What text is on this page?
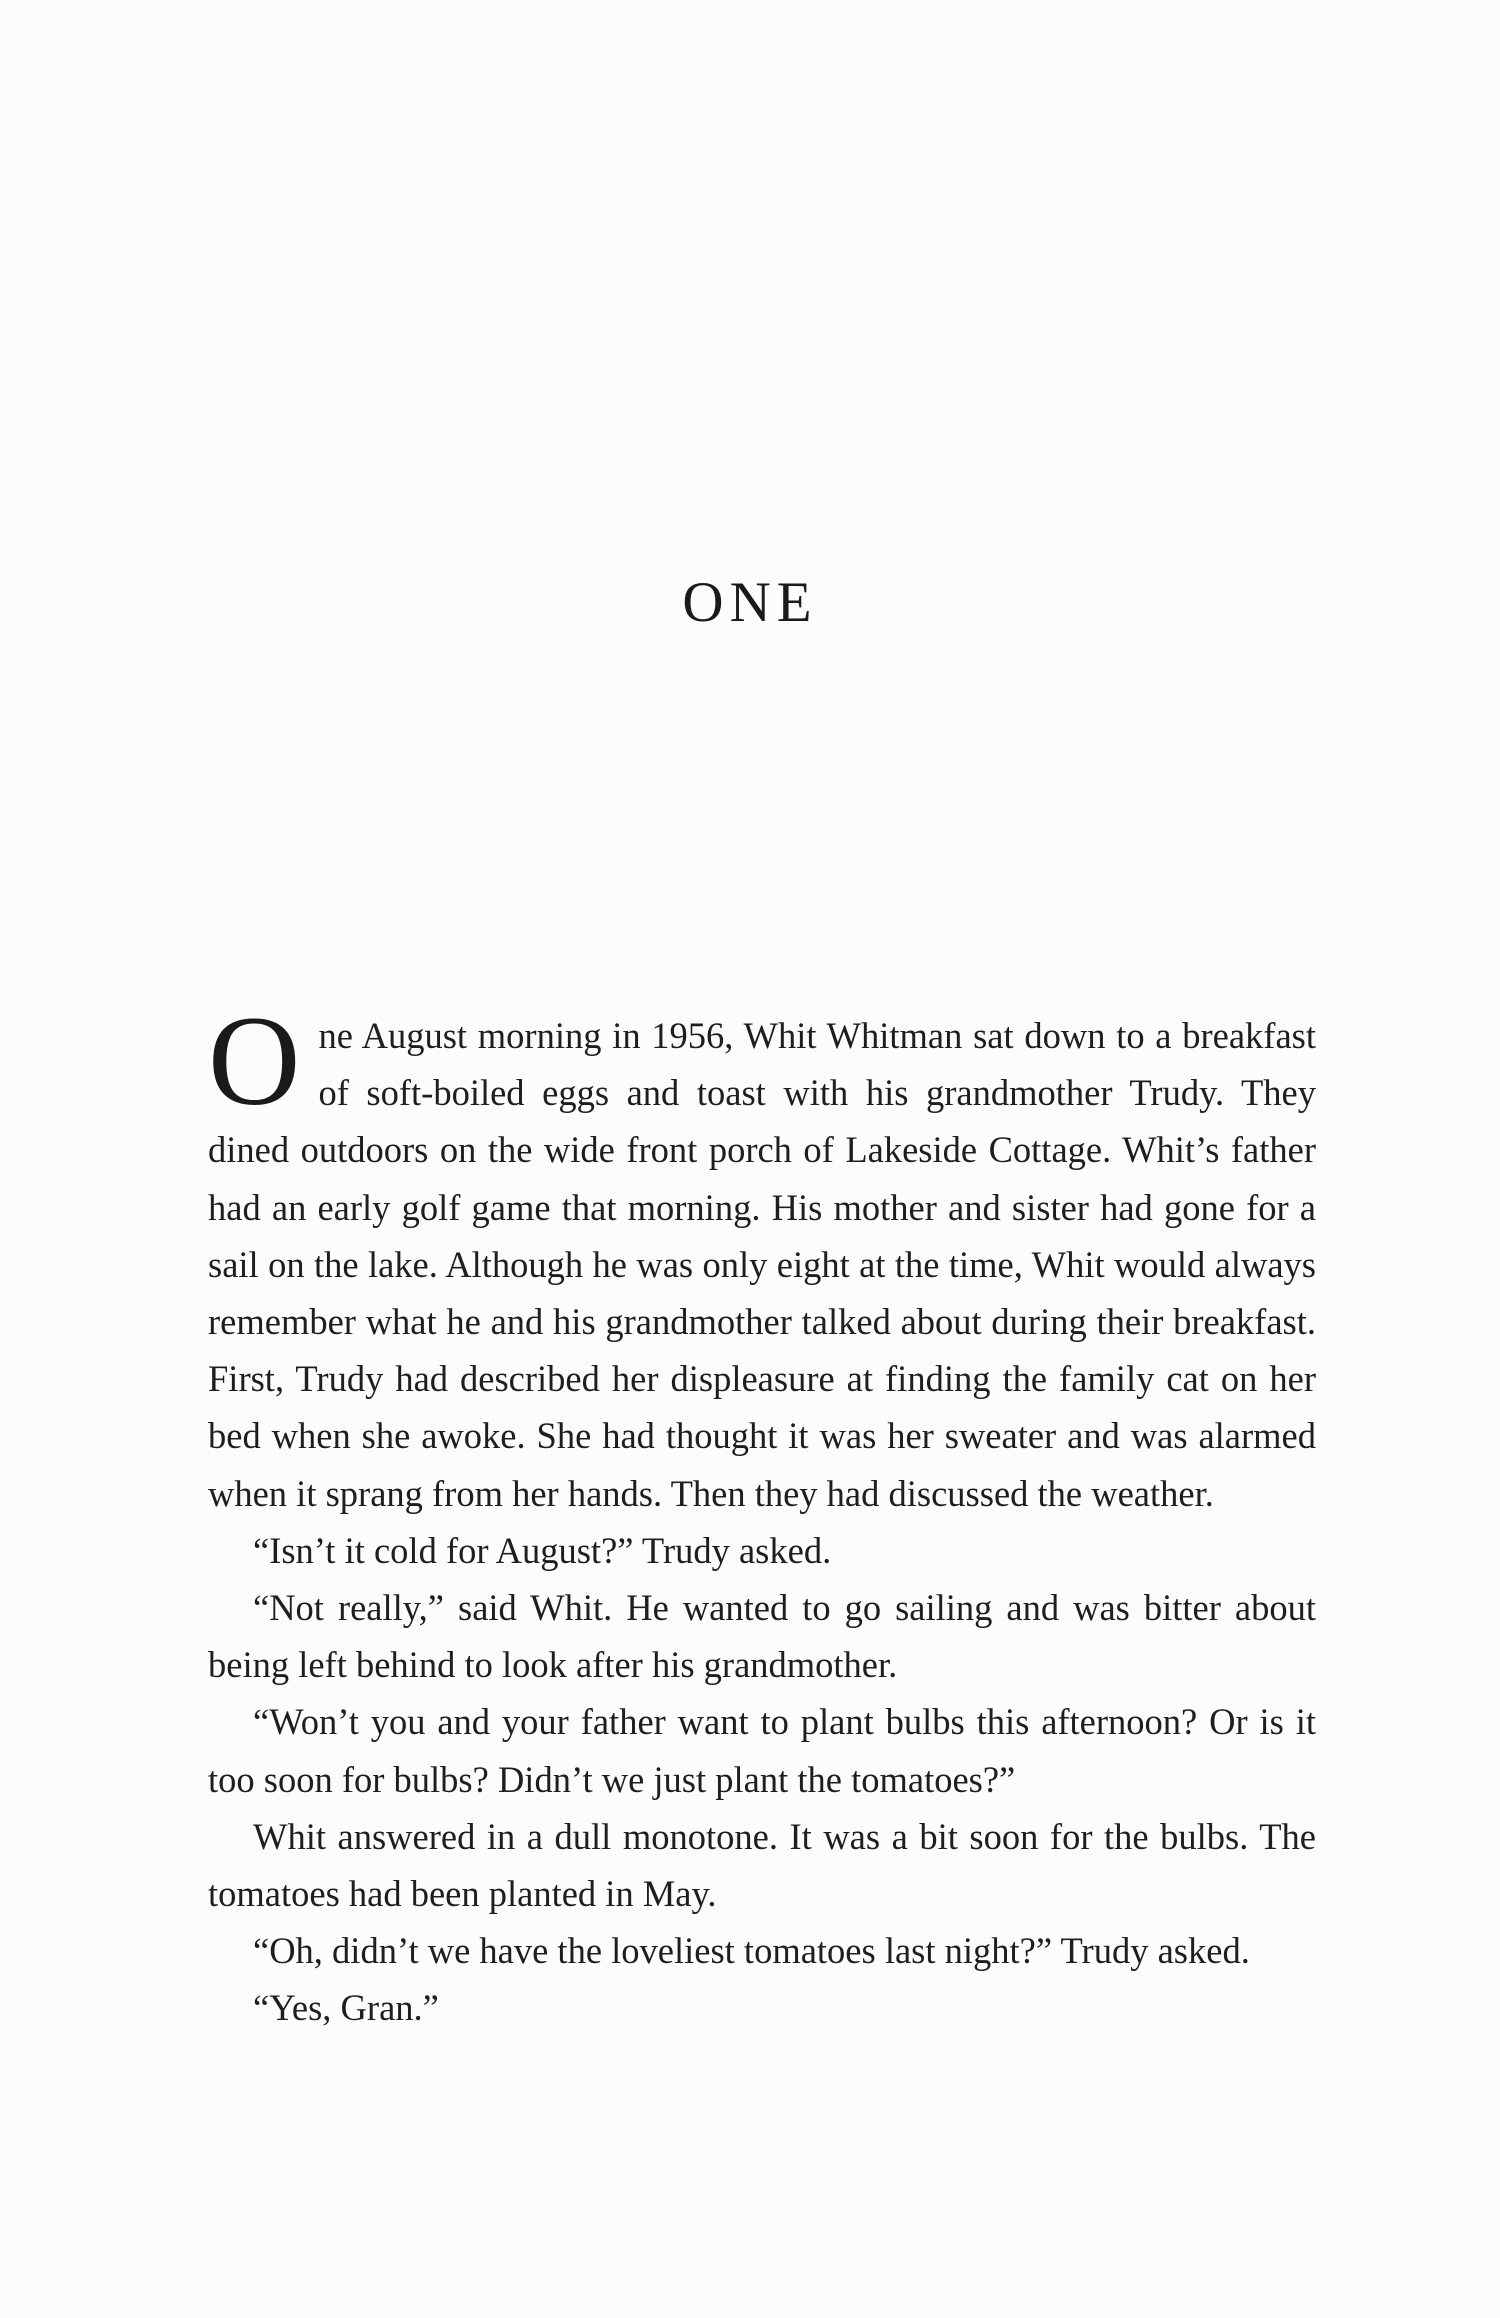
ONE

One August morning in 1956, Whit Whitman sat down to a breakfast of soft-boiled eggs and toast with his grandmother Trudy. They dined outdoors on the wide front porch of Lakeside Cottage. Whit’s father had an early golf game that morning. His mother and sister had gone for a sail on the lake. Although he was only eight at the time, Whit would always remember what he and his grandmother talked about during their breakfast. First, Trudy had described her displeasure at finding the family cat on her bed when she awoke. She had thought it was her sweater and was alarmed when it sprang from her hands. Then they had discussed the weather.

“Isn’t it cold for August?” Trudy asked.

“Not really,” said Whit. He wanted to go sailing and was bitter about being left behind to look after his grandmother.

“Won’t you and your father want to plant bulbs this afternoon? Or is it too soon for bulbs? Didn’t we just plant the tomatoes?”

Whit answered in a dull monotone. It was a bit soon for the bulbs. The tomatoes had been planted in May.

“Oh, didn’t we have the loveliest tomatoes last night?” Trudy asked.

“Yes, Gran.”
